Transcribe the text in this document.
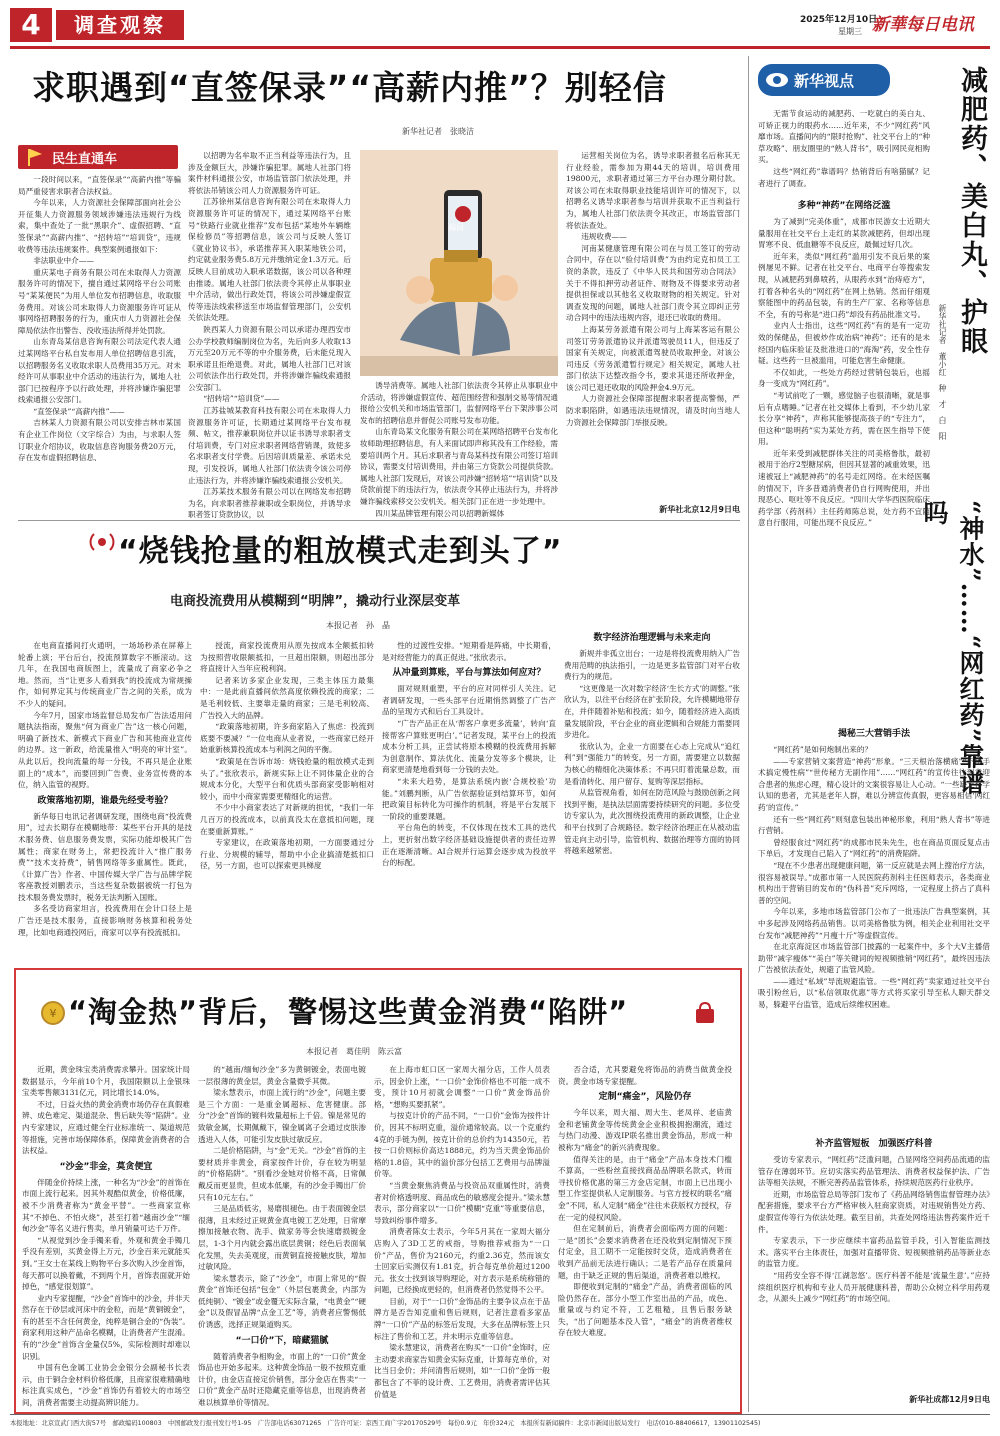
4	调查观察	2025年12月10日
星期三 新華每日电讯
求职遇到“直签保录”“高薪内推”？别轻信
新华社记者　张晓洁
民生直通车

一段时间以来，“直签保录”“高薪内推”等骗局严重侵害求职者合法权益。

今年以来，人力资源社会保障部面向社会公开征集人力资源服务领域涉嫌违法违规行为线索，集中查处了一批“黑职介”、虚假招聘、“直签保录”“高薪内推”、“招转培”“培训贷”，违规收费等违法违规案件。典型案例通报如下：

非法职业中介——

重庆某电子商务有限公司在未取得人力资源服务许可的情况下，擅自通过某网络平台公司账号“某某便民”为用人单位发布招聘信息，收取服务费用。对该公司未取得人力资源服务许可证从事网络招聘服务的行为，重庆市人力资源社会保障局依法作出警告、没收违法所得并处罚款。

山东青岛某信息咨询有限公司法定代表人通过某网络平台私自发布用人单位招聘信息引流，以招聘服务名义收取求职人员费用35万元。对未经许可从事职业中介活动的违法行为，属地人社部门已按程序予以行政处理，并将涉嫌诈骗犯罪线索通报公安部门。

“直签保录”“高薪内推”——

吉林某人力资源有限公司以安排吉林市某国有企业工作岗位（文字综合）为由，与求职人签订职业介绍协议，收取信息咨询服务费20万元，存在发布虚假招聘信息、

以招聘为名牟取不正当利益等违法行为，且涉及金额巨大，涉嫌诈骗犯罪。属地人社部门将案件材料通报公安，市场监管部门依法处理，并将依法吊销该公司人力资源服务许可证。

江苏徐州某信息咨询有限公司在未取得人力资源服务许可证的情况下，通过某网络平台账号“铁路行业就业推荐”发布包括“某地外车辆维保检修员”等招聘信息，该公司与反映人签订《就业协议书》，承诺推荐其入职某地铁公司，约定就业服务费5.8万元并缴纳定金1.3万元。后反映人目前成功入职承诺数据，该公司以各种理由推诿。属地人社部门依法责令其停止从事职业中介活动，做出行政处罚，将该公司涉嫌虚假宣传等违法线索移送至市场监督管理部门，公安机关依法处理。

陕西某人力资源有限公司以承诺办理西安市公办学校教师编制岗位为名，先后向多人收取13万元至20万元不等的中介服务费，后未能兑现入职承诺且拒绝退费。对此，属地人社部门已对该公司依法作出行政处罚，并将涉嫌诈骗线索通报公安部门。

“招转培”“培训贷”——

江苏盐城某教育科技有限公司在未取得人力资源服务许可证，长期通过某网络平台发布视频、帖文，推荐兼职岗位并以证书诱导求职者支付培训费，专门对应求职者网络营销课，致使多名求职者支付学费。后因培训质量差、承诺未兑现，引发投诉，属地人社部门依法责令该公司停止违法行为，并将涉嫌诈骗线索通报公安机关。

江苏某技术服务有限公司以在网络发布招聘为名，向求职者推荐兼职或全职岗位，并诱导求职者签订贷款协议，以

骗局

诱导消费等。属地人社部门依法责令其停止从事职业中介活动，将涉嫌虚假宣传、超范围经营和强制交易等情况通报给公安机关和市场监管部门，监督网络平台下架涉事公司发布的招聘信息并督促公司账号发布功能。

山东青岛某文化服务有限公司在某网络招聘平台发布化妆师助理招聘信息，有人来面试即声称其没有工作经验，需要培训两个月。其后求职者与青岛某科技有限公司签订培训协议，需要支付培训费用，并由第三方贷款公司提供贷款。属地人社部门发现后，对该公司涉嫌“招转培”“培训贷”以及贷款前提下的违法行为，依法责令其停止违法行为，并将涉嫌诈骗线索移交公安机关。相关部门正在进一步处理中。

四川某品牌管理有限公司以招聘新媒体

运营相关岗位为名，诱导求职者报名后称其无行业经验，需参加为期44天的培训，培训费用19800元，求职者通过第三方平台办理分期付款。对该公司在未取得职业技能培训许可的情况下，以招聘名义诱导求职者参与培训并获取不正当利益行为，属地人社部门依法责令其改正，市场监管部门将依法查处。

违规收费——

河南某健康管理有限公司在与员工签订的劳动合同中，存在以“验付培训费”为由约定克扣员工工资的条款，违反了《中华人民共和国劳动合同法》关于不得扣押劳动者证件、财物及不得要求劳动者提供担保或以其他名义收取财物的相关规定。针对调查发现的问题，属地人社部门责令其立即纠正劳动合同中的违法违规内容，退还已收取的费用。

上海某劳务派遣有限公司与上海某客运有限公司签订劳务派遣协议并派遣驾驶员11人，但违反了国家有关规定，向被派遣驾驶员收取押金。对该公司违反《劳务派遣暂行规定》相关规定，属地人社部门依法下达整改指令书，要求其退还所收押金，该公司已退还收取的风险押金4.9万元。

人力资源社会保障部提醒求职者提高警惕，严防求职陷阱，如遇违法违规情况，请及时向当地人力资源社会保障部门举报反映。

新华社北京12月9日电
“烧钱抢量的粗放模式走到头了”
电商投流费用从模糊到“明牌”，撬动行业深层变革
本报记者　孙　晶

在电商直播间打火通明，一场场秒杀在屏幕上轮番上演；平台后台，投流预算数字不断滚动。这几年，在我国电商版图上，流量成了商家必争之地。然而，当“让更多人看到我”的投流成为常规操作，如何界定其与传统商业广告之间的关系，成为不少人的疑问。

今年7月，国家市场监督总局发布广告法适用问题执法指南，聚焦“何为商业广告”这一核心问题，明确了新技术、新模式下商业广告和其他商业宣传的边界。这一新政，给流量推入“明亮的审计室”。从此以后，投向流量的每一分钱，不再只是企业账面上的“成本”，而要回到广告费、业务宣传费的本位，纳入监管的视野。

政策落地初期，谁最先经受考验？

新华每日电讯记者调研发现，围绕电商“投流费用”，过去长期存在模糊地带：某些平台开具的是技术服务费、信息服务费发票，实际功能却极其广告属性；商家在财务上，常把投流计入“推广服务费”“技术支持费”，销售网络等多重属性。既此，《计算广告》作者、中国传媒大学广告与品牌学院客座教授刘鹏表示，当这些复杂数据被统一打包为技术服务费发票时，税务无法判断入国账。

多名受访商家坦言，投流费用在会计口径上是广告还是技术服务，直接影响财务核算和税务处理，比如电商通投网后，商家可以享有投流抵扣。

授流，商家投流费用从原先按成本全额抵扣转为按照营收限额抵扣，一旦超出限额，则超出部分将直接计入当年应税利润。

记者来访多家企业发现，三类主体压力最集中：一是此前直播间依然高度依赖投流的商家；二是毛利较低、主要靠走量的商家；三是毛利较高、广告投入大的品牌。

“政策落地初期，许多商家陷入了焦虑：投流到底要不要减？”一位电商从业者说，一些商家已经开始重新核算投流成本与利润之间的平衡。

“政策是在告诉市场：烧钱抢量的粗放模式走到头了。”张欣表示，新规实际上让不同体量企业的合规成本分化，大型平台和优质头部商家受影响相对较小，而中小商家需要更精细化的运营。

不少中小商家表达了对新规的担忧，“我们一年几百万的投流成本，以前真没太在意抵扣问题，现在要重新算账。”

专家建议，在政策落地初期，一方面要通过分行业、分规模的辅导，帮助中小企业搞清楚抵扣口径，另一方面，也可以探索更具梯度

性的过渡性安排。“短期看是阵痛，中长期看，是对经营能力的真正促进。”张欣表示。

从冲量到算账，平台与算法如何应对？

面对规则重塑，平台的应对同样引人关注。记者调研发现，一些头部平台近期悄然调整了广告产品的呈现方式和后台工具设计。

“广告产品正在从‘帮客户拿更多流量’，转向‘直接帮客户算账更明白’。”记者发现，某平台上的投流成本分析工具，正尝试将原本模糊的投流费用拆解为创意制作、算法优化、流量分发等多个模块，让商家更清楚地看到每一分钱的去处。

“未来大趋势，是算法系统内嵌‘合规校验’功能。”刘鹏判断，从广告依据验证到结算环节，如何把政策目标转化为可操作的机制，将是平台发展下一阶段的重要课题。

平台角色的转变，不仅体现在技术工具的迭代上，更折射出数字经济基础设施提供者的责任边界正在逐渐清晰。AI合规并行运算会逐步成为投放平台的标配。

数字经济治理逻辑与未来走向

新规并非孤立出台；一边是将投流费用纳入广告费用范畴的执法指引，一边是更多监管部门对平台收费行为的规范。

“这更像是一次对数字经济‘生长方式’的调整。”张欣认为，以往平台经济在扩张阶段，允许模糊地带存在，并伴随着补贴和投流；如今，随着经济进入高质量发展阶段，平台企业的商业逻辑和合规能力需要同步进化。

张欣认为，企业一方面要在心态上完成从“追红利”到“强能力”的转变，另一方面，需要建立以数据为核心的精细化决策体系；不再只盯着流量总数，而是看清转化、用户留存、复购等深层指标。

从监管视角看，如何在防范风险与鼓励创新之间找到平衡，是执法层面需要持续研究的问题。多位受访专家认为，此次围绕投流费用的新政调整，让企业和平台找到了合规路径。数字经济治理正在从被动监管走向主动引导，监管机构、数据治理等方面的协同将越来越紧密。

¥ “淘金热”背后，警惕这些黄金消费“陷阱”
本报记者　葛佳明　陈云富

近期，黄金珠宝类消费需求攀升。国家统计局数据显示，今年前10个月，我国限额以上金银珠宝类零售额3131亿元，同比增长14.0%。

不过，日益火热的黄金消费市场仍存在真假难辨、成色难定、渠道混杂、售后缺失等“陷阱”。业内专家建议，应通过健全行业标准统一、渠道规范等措施，完善市场保障体系，保障黄金消费者的合法权益。

“沙金”非金，莫贪便宜

伴随金价持续上涨，一种名为“沙金”的首饰在市面上流行起来。因其外观酷似黄金，价格低廉，被不少消费者称为“黄金平替”。一些商家宣称其“不掉色、不怕火烧”，甚至打着“越南沙金”“缅甸沙金”等名义进行售卖，单月销量可达千万件。

“从视觉到沙金手镯来看，外观和黄金手镯几乎没有差别，买黄金得上万元，沙金百来元就能买到。”王女士在某线上购物平台多次购入沙金首饰，每天都可以换着戴，不到两个月，首饰表面就开始掉色，“感觉很划算”。

业内专家提醒，“沙金”首饰中的沙金，并非天然存在于砂层或河床中的金粒，而是“黄铜镀金”，有的甚至不含任何黄金，纯粹是铜合金的“伪装”。商家利用这种产品命名模糊，让消费者产生混淆。有的“沙金”首饰含金量仅5%，实际检测时却难以识别。

中国有色金属工业协会金银分会副秘书长表示，由于铜合金材料价格低廉，且商家很难精确地标注真实成色，“沙金”首饰仍有着较大的市场空间，消费者需要主动提高辨识能力。

的“越南/缅甸沙金”多为黄铜镀金，表面电镀一层很薄的黄金层，黄金含量微乎其微。

梁永慧表示，市面上流行的“沙金”，问题主要是三个方面：一是重金属超标、危害健康。部分“沙金”首饰的镀料效量超标上千倍。镍是常见的致敏金属，长期佩戴下，镍金属离子会通过皮肤渗透进入人体，可能引发皮肤过敏反应。

二是价格陷阱，与“金”无关。“沙金”首饰的主要材质并非黄金，商家按件计价，存在较为明显的“价格陷阱”。“别看沙金她对价格不高，日常佩戴反而更显贵，但成本低廉，有的沙金手镯出厂价只有10元左右。”

三是品质低劣，易磨损褪色。由于表面镀金层很薄，且未经过正规黄金真电镀工艺处理，日常摩擦加接触衣物、洗手、做家务等会快速磨损镀金层，1-3个月内就会露出底层黄铜；经色后表面氧化发黑，失去美观度，而黄铜直接接触皮肤，增加过敏风险。

梁永慧表示，除了“沙金”，市面上常见的“假黄金”首饰还包括“包金”（外层包裹黄金，内部为低纯铜）、“镀金”或金覆无实际含量，“电黄金”“硬金”以及假冒品牌“点金工艺”等，消费者应警惕低价诱惑，选择正规渠道购买。

“一口价”下，暗藏猫腻

随着消费者争相购金，市面上的“一口价”黄金饰品也开始多起来。这种黄金饰品一般不按照克重计价，由金店直接定价销售，部分金店在售卖“一口价”黄金产品时还隐藏克重等信息，出现消费者难以核算单价等情况。

在上海市虹口区一家周大福分店，工作人员表示，因金价上涨，“一口价”金饰价格也不可能一成不变，预计10月初就会调整“一口价”黄金饰品价格，“想购买要抓紧”。

与按克计价的产品不同，“一口价”金饰为按件计价，因其不标明克重，溢价通常较高。以一个克重约4克的手链为例，按克计价的总价约为14350元，若按一口价则标价高达1888元，约为当天黄金饰品价格的1.8倍，其中的溢价部分包括工艺费用与品牌溢价等。

“当黄金聚焦消费品与投资品双重属性时，消费者对价格透明度、商品成色的敏感度会提升。”梁永慧表示，部分商家以“一口价”模糊“克重”等重要信息，导致纠纷事件增多。

消费者陈女士表示，今年5月其在一家周大福分店购入了3D工艺的戒指，导购推荐戒指为“一口价”产品，售价为2160元，约重2.36克，然而该女士回家后实测仅有1.81克，折合每克单价超过1200元。张女士找到该导购理论，对方表示是系统称错的问题，已经换成更轻的，但消费者仍然觉得不公平。

目前，对于“一口价”金饰品的主要争议点在于品牌方是否告知克重和售后规则，记者注意看多家品牌“一口价”产品的标签后发现，大多在品牌标签上只标注了售价和工艺，并未明示克重等信息。

梁永慧建议，消费者在购买“一口价”金饰时，应主动要求商家告知黄金实际克重，计算每克单价，对比当日金价；并问清售后规则，如“一口价”金饰一般都包含了不菲的设计费、工艺费用，消费者需评估其价值是

否合适，尤其要避免将饰品的消费当做黄金投资。黄金市场专家提醒。

定制“痛金”，风险仍存

今年以来，周大福、周大生、老凤祥、老庙黄金和老铺黄金等传统黄金企业积极拥抱潮流，通过与热门动漫、游戏IP联名推出黄金饰品，形成一种被称为“痛金”的新兴消费现象。

值得关注的是，由于“痛金”产品本身技术门槛不算高，一些粉丝直接找商品品牌联名款式，转而寻找价格优惠的第三方金店定制，市面上已出现小型工作室提供私人定制服务。与官方授权的联名“痛金”不同，私人定制“痛金”往往未获版权方授权，存在一定的侵权风险。

但在定制前后，消费者会面临两方面的问题：一是“团长”会要求消费者在还没收到定制情况下预付定金，且工期不一定能按时交货，造成消费者在收到产品前无法进行确认；二是若产品存在质量问题，由于缺乏正规的售后渠道，消费者难以维权。

即便收到定制的“痛金”产品，消费者面临的风险仍然存在。部分小型工作室出品的产品，成色、重量或与约定不符，工艺粗糙，且售后服务缺失，“出了问题基本没人管”，“痛金”的消费者维权存在较大难度。

新华视点

无需节食运动的减肥药、一吃就白的美白丸、可矫正视力的眼药水……近年来，不少“网红药”风靡市场。直播间内的“限时抢购”、社交平台上的“种草攻略”、朋友圈里的“熟人背书”，吸引网民竞相购买。

这些“网红药”靠谱吗？热销背后有啥猫腻？记者进行了调查。

多种“神药”在网络泛滥

为了减到“完美体重”，成都市民游女士近期大量服用在社交平台上走红的某款减肥药，但却出现胃寒不良、低血糖等不良反应，最佩过好几次。

近年来，类似“网红药”滥用引发不良后果的案例屡见不鲜。记者在社交平台、电商平台等搜索发现，从减肥药到鼻喷药，从眼药水到“治痔疮方”，打着各种名头的“网红药”在网上热销。然而仔细观察能图中的药品包装，有的生产厂家、名称等信息不全，有的号称是“进口药”却没有药品批准文号。

业内人士指出，这些“网红药”有的是有一定功效的保健品，但被炒作成治病“神药”；还有的是未经国内临床验证及批准进口的“海淘”药，安全性存疑。这些药一旦被滥用，可能危害生命健康。

不仅如此，一些处方药经过营销包装后，也摇身一变成为“网红药”。

“考试前吃了一颗，感觉脑子也很清晰，就是事后有点嗜睡。”记者在社交媒体上看到，不少幼儿家长分享“神药”，声称其能够提高孩子的“专注力”，但这种“聪明药”实为某处方药，需在医生指导下使用。

近年来受到减肥群体关注的司美格鲁肽，最初被用于治疗2型糖尿病，但因其显著的减重效果，迅速被冠上“减肥神药”的名号走红网络。在未经医嘱的情况下，许多普通消费者仍自行网购使用，并出现恶心、呕吐等不良反应。“四川大学华西医院临床药学部（药剂科）主任药师陈总说，处方药不宜随意自行服用，可能出现不良反应。”

减肥药、美白丸、护眼
“神水”……“网红药”靠谱吗
新华社记者　董小红　种　才　白　阳
揭秘三大营销手法

“网红药”是如何炮制出来的？

——专家营销文案营造“神药”形象。“三天根治落横痛”“不用手术搞定慢性病”“世传秘方无副作用”……“网红药”的宣传往往刻意迎合患者的焦虑心理，精心设计的文案很容易让人心动。“一些缺乏科学认知的患者，尤其是老年人群，难以分辨宣传真假，更容易相信‘网红药’的宣传。”

还有一些“网红药”则刻意包装出神秘形象，利用“熟人背书”等进行营销。

曾经服食过“网红药”的成都市民朱先生，也在商品页面反复点击下单后，才发现自己陷入了“网红药”的消费陷阱。

“现在不少患者出现健康问题，第一反应就是去网上搜治疗方法，很容易被误导。”成都市第一人民医院药剂科主任医师表示，各类商业机构出于营销目的发布的“伪科普”充斥网络，一定程度上挤占了真科普的空间。

今年以来，多地市场监管部门公布了一批违法广告典型案例，其中多起涉及网络药品销售。以司美格鲁肽为例，相关企业利用社交平台发布“减肥神药”“月瘦十斤”等虚假宣传。

在北京海淀区市场监管部门披露的一起案件中，多个大V主播借助带“减字瘦体”“美白”等关键词的短视频推销“网红药”，最终因违法广告被依法查处，规避了监管风险。

——通过“私域”导流规避监管。一些“网红药”卖家通过社交平台吸引粉丝后，以“私信领取优惠”等方式将买家引导至私人聊天群交易，躲避平台监管，造成后续维权困难。

补齐监管短板　加强医疗科普

受访专家表示，“网红药”泛滥问题，凸显网络空间药品流通的监管存在薄弱环节。应切实落实药品管理法、消费者权益保护法、广告法等相关法规，不断完善药品监管体系，持续规范医药行业秩序。

近期，市场监管总局等部门发布了《药品网络销售监督管理办法》配套措施，要求平台方严格审核入驻商家资质，对违规销售处方药、虚假宣传等行为依法处理。截至目前，共查处网络违法售药案件近千件。

专家表示，下一步应继续丰富药品监管手段，引入智能监测技术。落实平台主体责任，加强对直播带货、短视频推销药品等新业态的监管力度。

“用药安全容不得‘江湖忽悠’。医疗科普不能是‘流量生意’。”应持续组织医疗机构和专业人员开展健康科普，帮助公众树立科学用药观念，从源头上减少“网红药”的市场空间。

新华社成都12月9日电
本报地址：北京宣武门西大街57号　邮政编码100803　中国邮政发行报刊发行号1-95　广告部电话63071265　广告许可证：京西工商广字20170529号　每份0.9元　年价324元　本报所有新闻稿件：北京市新闻出版局发行　电话(010-88406617，13901102545)
